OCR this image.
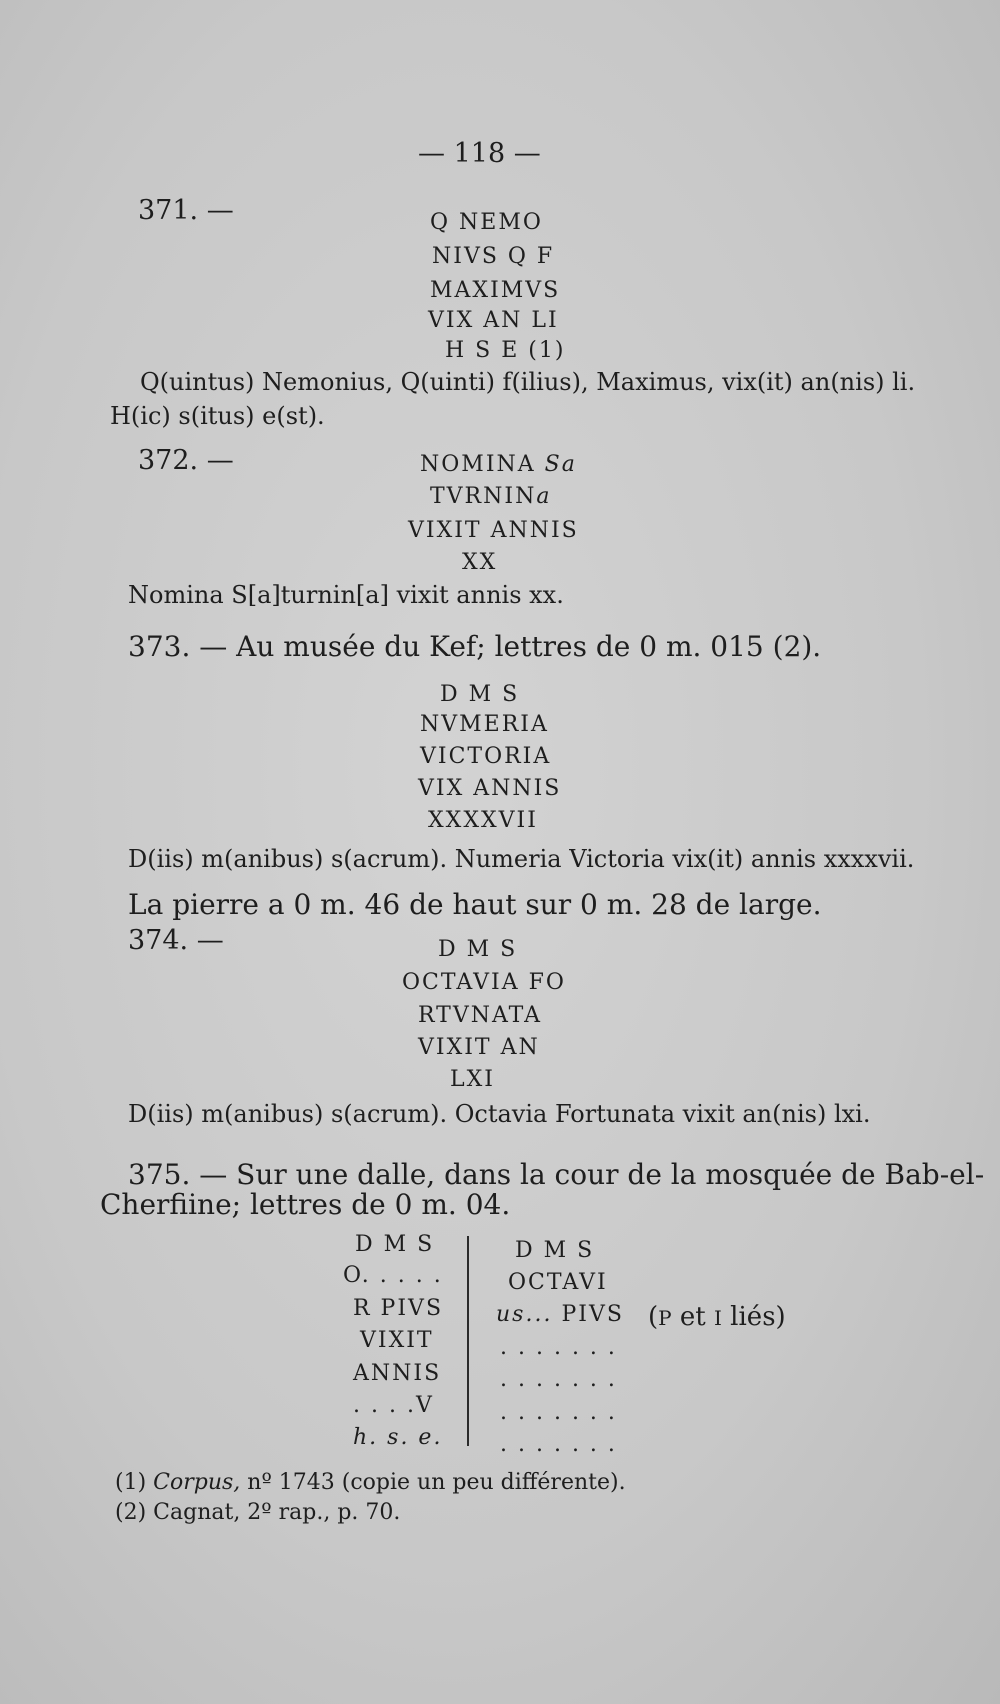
— 118 —
371. —	Q NEMO
NIVS Q F
MAXIMVS
VIX AN LI
H S E (1)
Q(uintus) Nemonius, Q(uinti) f(ilius), Maximus, vix(it) an(nis) li.
H(ic) s(itus) e(st).
372. —	NOMINA Sa
TVRNINa
VIXIT ANNIS
XX
Nomina S[a]turnin[a] vixit annis xx.
373. — Au musée du Kef; lettres de 0 m. 015 (2).
D M S
NVMERIA
VICTORIA
VIX ANNIS
XXXXVII
D(iis) m(anibus) s(acrum). Numeria Victoria vix(it) annis xxxxvii.
La pierre a 0 m. 46 de haut sur 0 m. 28 de large.
374. —	D M S
OCTAVIA FO
RTVNATA
VIXIT AN
LXI
D(iis) m(anibus) s(acrum). Octavia Fortunata vixit an(nis) lxi.
375. — Sur une dalle, dans la cour de la mosquée de Bab-el-
Cherfiine; lettres de 0 m. 04.
D M S
O. . . . .
R PIVS
VIXIT
ANNIS
. . . .V
h. s. e.
D M S
OCTAVI
us... PIVS
. . . . . . .
. . . . . . .
. . . . . . .
. . . . . . .
(P et I liés)
(1) Corpus, nº 1743 (copie un peu différente).
(2) Cagnat, 2º rap., p. 70.
